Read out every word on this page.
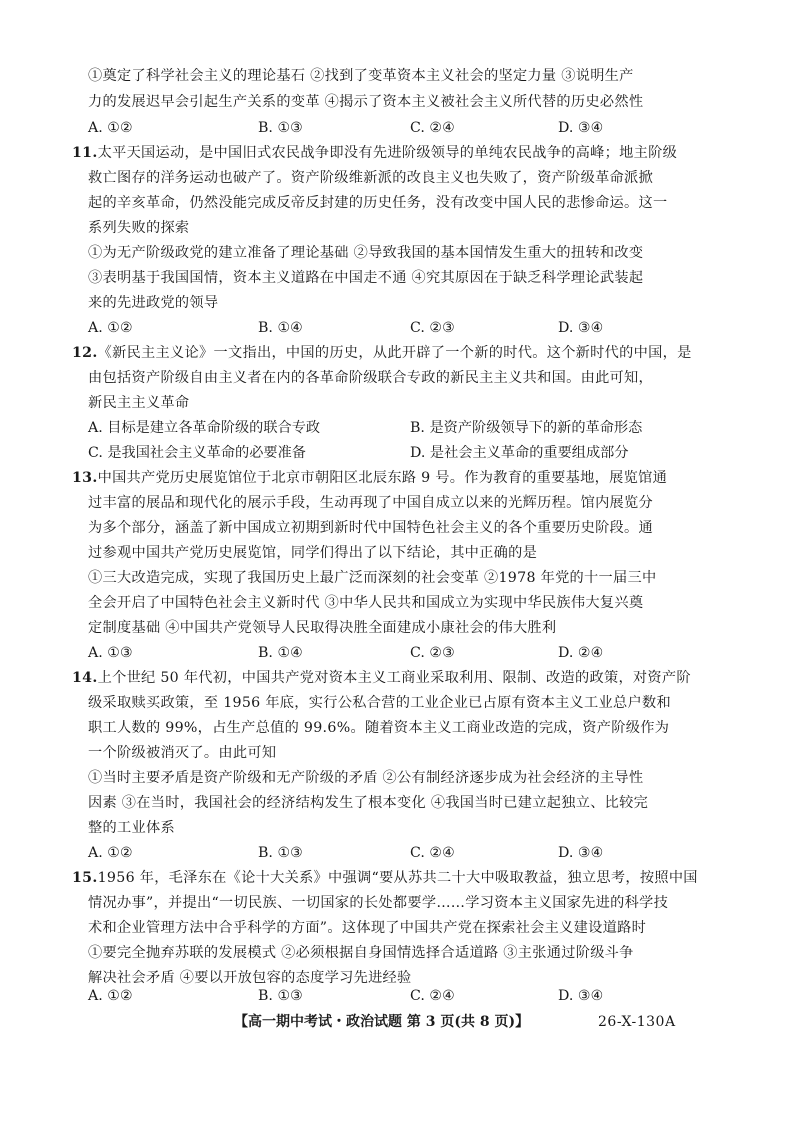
①奠定了科学社会主义的理论基石 ②找到了变革资本主义社会的坚定力量 ③说明生产
力的发展迟早会引起生产关系的变革 ④揭示了资本主义被社会主义所代替的历史必然性
A. ①②	B. ①③	C. ②④	D. ③④
11.太平天国运动，是中国旧式农民战争即没有先进阶级领导的单纯农民战争的高峰；地主阶级
救亡图存的洋务运动也破产了。资产阶级维新派的改良主义也失败了，资产阶级革命派掀
起的辛亥革命，仍然没能完成反帝反封建的历史任务，没有改变中国人民的悲惨命运。这一
系列失败的探索
①为无产阶级政党的建立准备了理论基础 ②导致我国的基本国情发生重大的扭转和改变
③表明基于我国国情，资本主义道路在中国走不通 ④究其原因在于缺乏科学理论武装起
来的先进政党的领导
A. ①②	B. ①④	C. ②③	D. ③④
12.《新民主主义论》一文指出，中国的历史，从此开辟了一个新的时代。这个新时代的中国，是
由包括资产阶级自由主义者在内的各革命阶级联合专政的新民主主义共和国。由此可知，
新民主主义革命
A. 目标是建立各革命阶级的联合专政	B. 是资产阶级领导下的新的革命形态
C. 是我国社会主义革命的必要准备	D. 是社会主义革命的重要组成部分
13.中国共产党历史展览馆位于北京市朝阳区北辰东路 9 号。作为教育的重要基地，展览馆通
过丰富的展品和现代化的展示手段，生动再现了中国自成立以来的光辉历程。馆内展览分
为多个部分，涵盖了新中国成立初期到新时代中国特色社会主义的各个重要历史阶段。通
过参观中国共产党历史展览馆，同学们得出了以下结论，其中正确的是
①三大改造完成，实现了我国历史上最广泛而深刻的社会变革 ②1978 年党的十一届三中
全会开启了中国特色社会主义新时代 ③中华人民共和国成立为实现中华民族伟大复兴奠
定制度基础 ④中国共产党领导人民取得决胜全面建成小康社会的伟大胜利
A. ①③	B. ①④	C. ②③	D. ②④
14.上个世纪 50 年代初，中国共产党对资本主义工商业采取利用、限制、改造的政策，对资产阶
级采取赎买政策，至 1956 年底，实行公私合营的工业企业已占原有资本主义工业总户数和
职工人数的 99%，占生产总值的 99.6%。随着资本主义工商业改造的完成，资产阶级作为
一个阶级被消灭了。由此可知
①当时主要矛盾是资产阶级和无产阶级的矛盾 ②公有制经济逐步成为社会经济的主导性
因素 ③在当时，我国社会的经济结构发生了根本变化 ④我国当时已建立起独立、比较完
整的工业体系
A. ①②	B. ①③	C. ②④	D. ③④
15.1956 年，毛泽东在《论十大关系》中强调“要从苏共二十大中吸取教益，独立思考，按照中国
情况办事”，并提出“一切民族、一切国家的长处都要学……学习资本主义国家先进的科学技
术和企业管理方法中合乎科学的方面”。这体现了中国共产党在探索社会主义建设道路时
①要完全抛弃苏联的发展模式 ②必须根据自身国情选择合适道路 ③主张通过阶级斗争
解决社会矛盾 ④要以开放包容的态度学习先进经验
A. ①②	B. ①③	C. ②④	D. ③④
【高一期中考试・政治试题 第 3 页(共 8 页)】	26-X-130A
